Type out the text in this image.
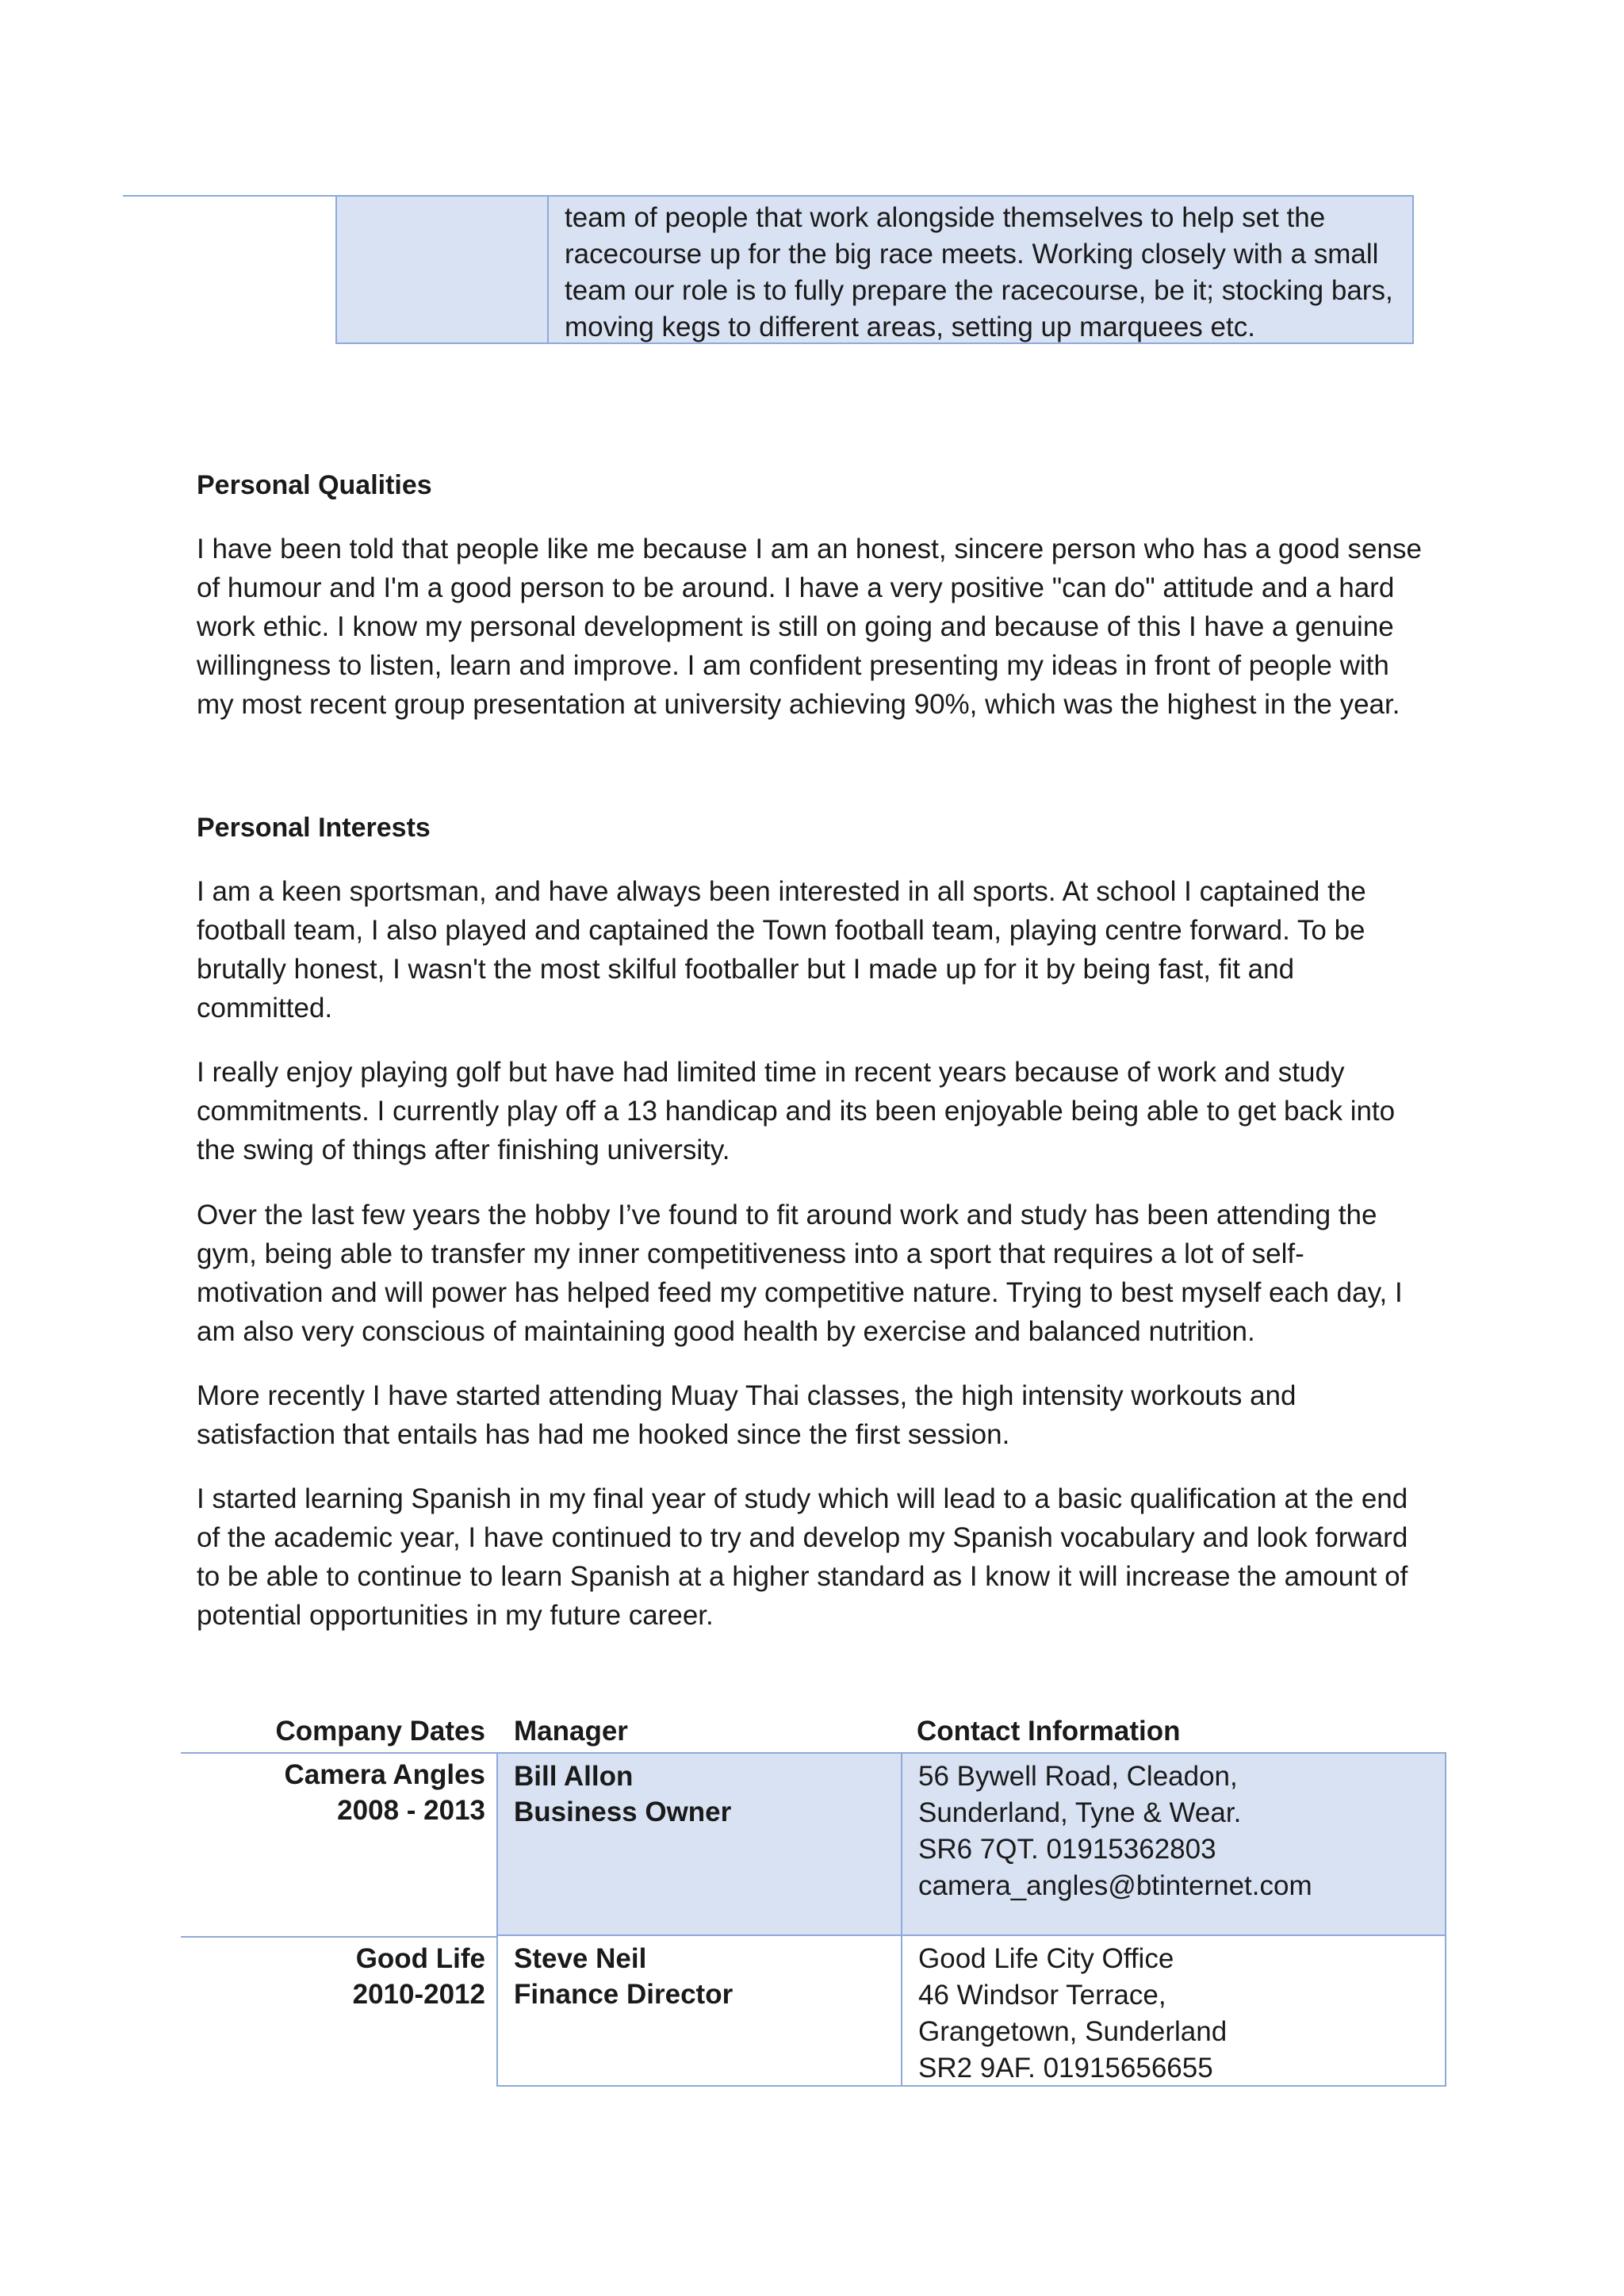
team of people that work alongside themselves to help set the
racecourse up for the big race meets. Working closely with a small
team our role is to fully prepare the racecourse, be it; stocking bars,
moving kegs to different areas, setting up marquees etc.
Personal Qualities
I have been told that people like me because I am an honest, sincere person who has a good sense of humour and I'm a good person to be around. I have a very positive "can do" attitude and a hard work ethic. I know my personal development is still on going and because of this I have a genuine willingness to listen, learn and improve. I am confident presenting my ideas in front of people with my most recent group presentation at university achieving 90%, which was the highest in the year.
Personal Interests
I am a keen sportsman, and have always been interested in all sports. At school I captained the football team, I also played and captained the Town football team, playing centre forward. To be brutally honest, I wasn't the most skilful footballer but I made up for it by being fast, fit and committed.
I really enjoy playing golf but have had limited time in recent years because of work and study commitments. I currently play off a 13 handicap and its been enjoyable being able to get back into the swing of things after finishing university.
Over the last few years the hobby I’ve found to fit around work and study has been attending the gym, being able to transfer my inner competitiveness into a sport that requires a lot of self-motivation and will power has helped feed my competitive nature. Trying to best myself each day, I am also very conscious of maintaining good health by exercise and balanced nutrition.
More recently I have started attending Muay Thai classes, the high intensity workouts and satisfaction that entails has had me hooked since the first session.
I started learning Spanish in my final year of study which will lead to a basic qualification at the end of the academic year, I have continued to try and develop my Spanish vocabulary and look forward to be able to continue to learn Spanish at a higher standard as I know it will increase the amount of potential opportunities in my future career.
Company Dates Manager	Contact Information
Camera Angles
2008 - 2013
Bill Allon
Business Owner
56 Bywell Road, Cleadon,
Sunderland, Tyne & Wear.
SR6 7QT. 01915362803
camera_angles@btinternet.com
Good Life
2010-2012
Steve Neil
Finance Director
Good Life City Office
46 Windsor Terrace,
Grangetown, Sunderland
SR2 9AF. 01915656655
